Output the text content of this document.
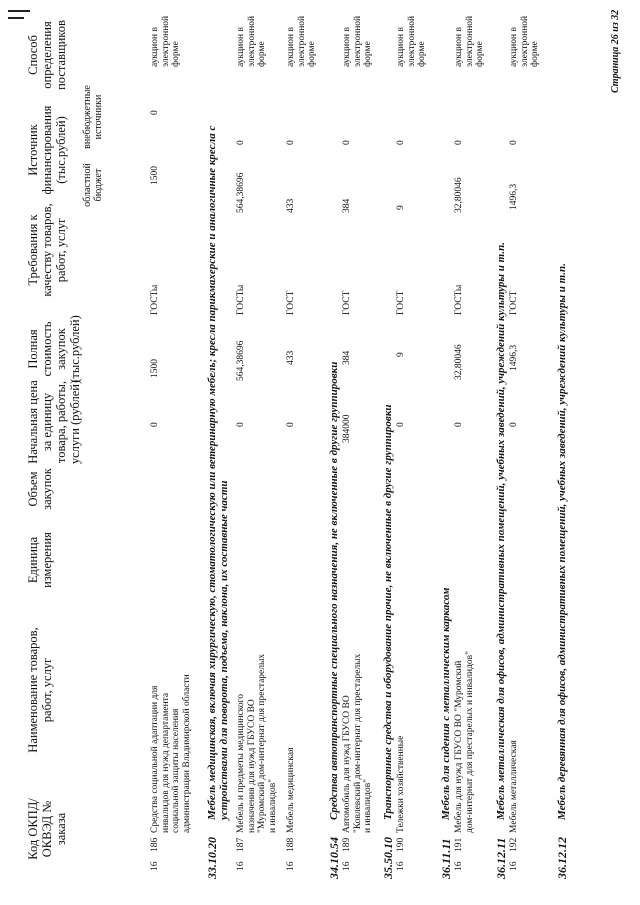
Код ОКПД/ ОКВЭД № заказа
Наименование товаров, работ, услуг
Единица измерения
Объем закупок
Начальная цена за единицу товара, работы, услуги (рублей)
Полная стоимость закупок (тыс.рублей)
Требования к качеству товаров, работ, услуг
Источник финансирования (тыс.рублей)
областной бюджет
внебюджетные источники
Способ определения поставщиков
16
186
Средства социальной адаптации для инвалидов для нужд департамента социальной защиты населения администрации Владимирской области
0
1500
ГОСТы
1500
0
аукцион в электронной форме
33.10.20
Мебель медицинская, включая хирургическую, стоматологическую или ветеринарную мебель; кресла парикмахерские и аналогичные кресла с устройствами для поворота, подъема, наклона, их составные части
16
187
Мебель и предметы медицинского назначения для нужд ГБУСО ВО "Муромский дом-интернат для престарелых и инвалидов"
0
564,38696
ГОСТы
564,38696
0
аукцион в электронной форме
16
188
Мебель медицинская
0
433
ГОСТ
433
0
аукцион в электронной форме
34.10.54
Средства автотранспортные специального назначения, не включенные в другие группировки
16
189
Автомобиль для нужд ГБУСО ВО "Ковлевский дом-интернат для престарелых и инвалидов"
384000
384
ГОСТ
384
0
аукцион в электронной форме
35.50.10
Транспортные средства и оборудование прочие, не включенные в другие группировки
16
190
Тележки хозяйственные
0
9
ГОСТ
9
0
аукцион в электронной форме
36.11.11
Мебель для сидения с металлическим каркасом
16
191
Мебель для нужд ГБУСО ВО "Муромский дом-интернат для престарелых и инвалидов"
0
32,80046
ГОСТы
32,80046
0
аукцион в электронной форме
36.12.11
Мебель металлическая для офисов, административных помещений, учебных заведений, учреждений культуры и т.п.
16
192
Мебель металлическая
0
1496,3
ГОСТ
1496,3
0
аукцион в электронной форме
36.12.12
Мебель деревянная для офисов, административных помещений, учебных заведений, учреждений культуры и т.п.
Страница 26 из 32
